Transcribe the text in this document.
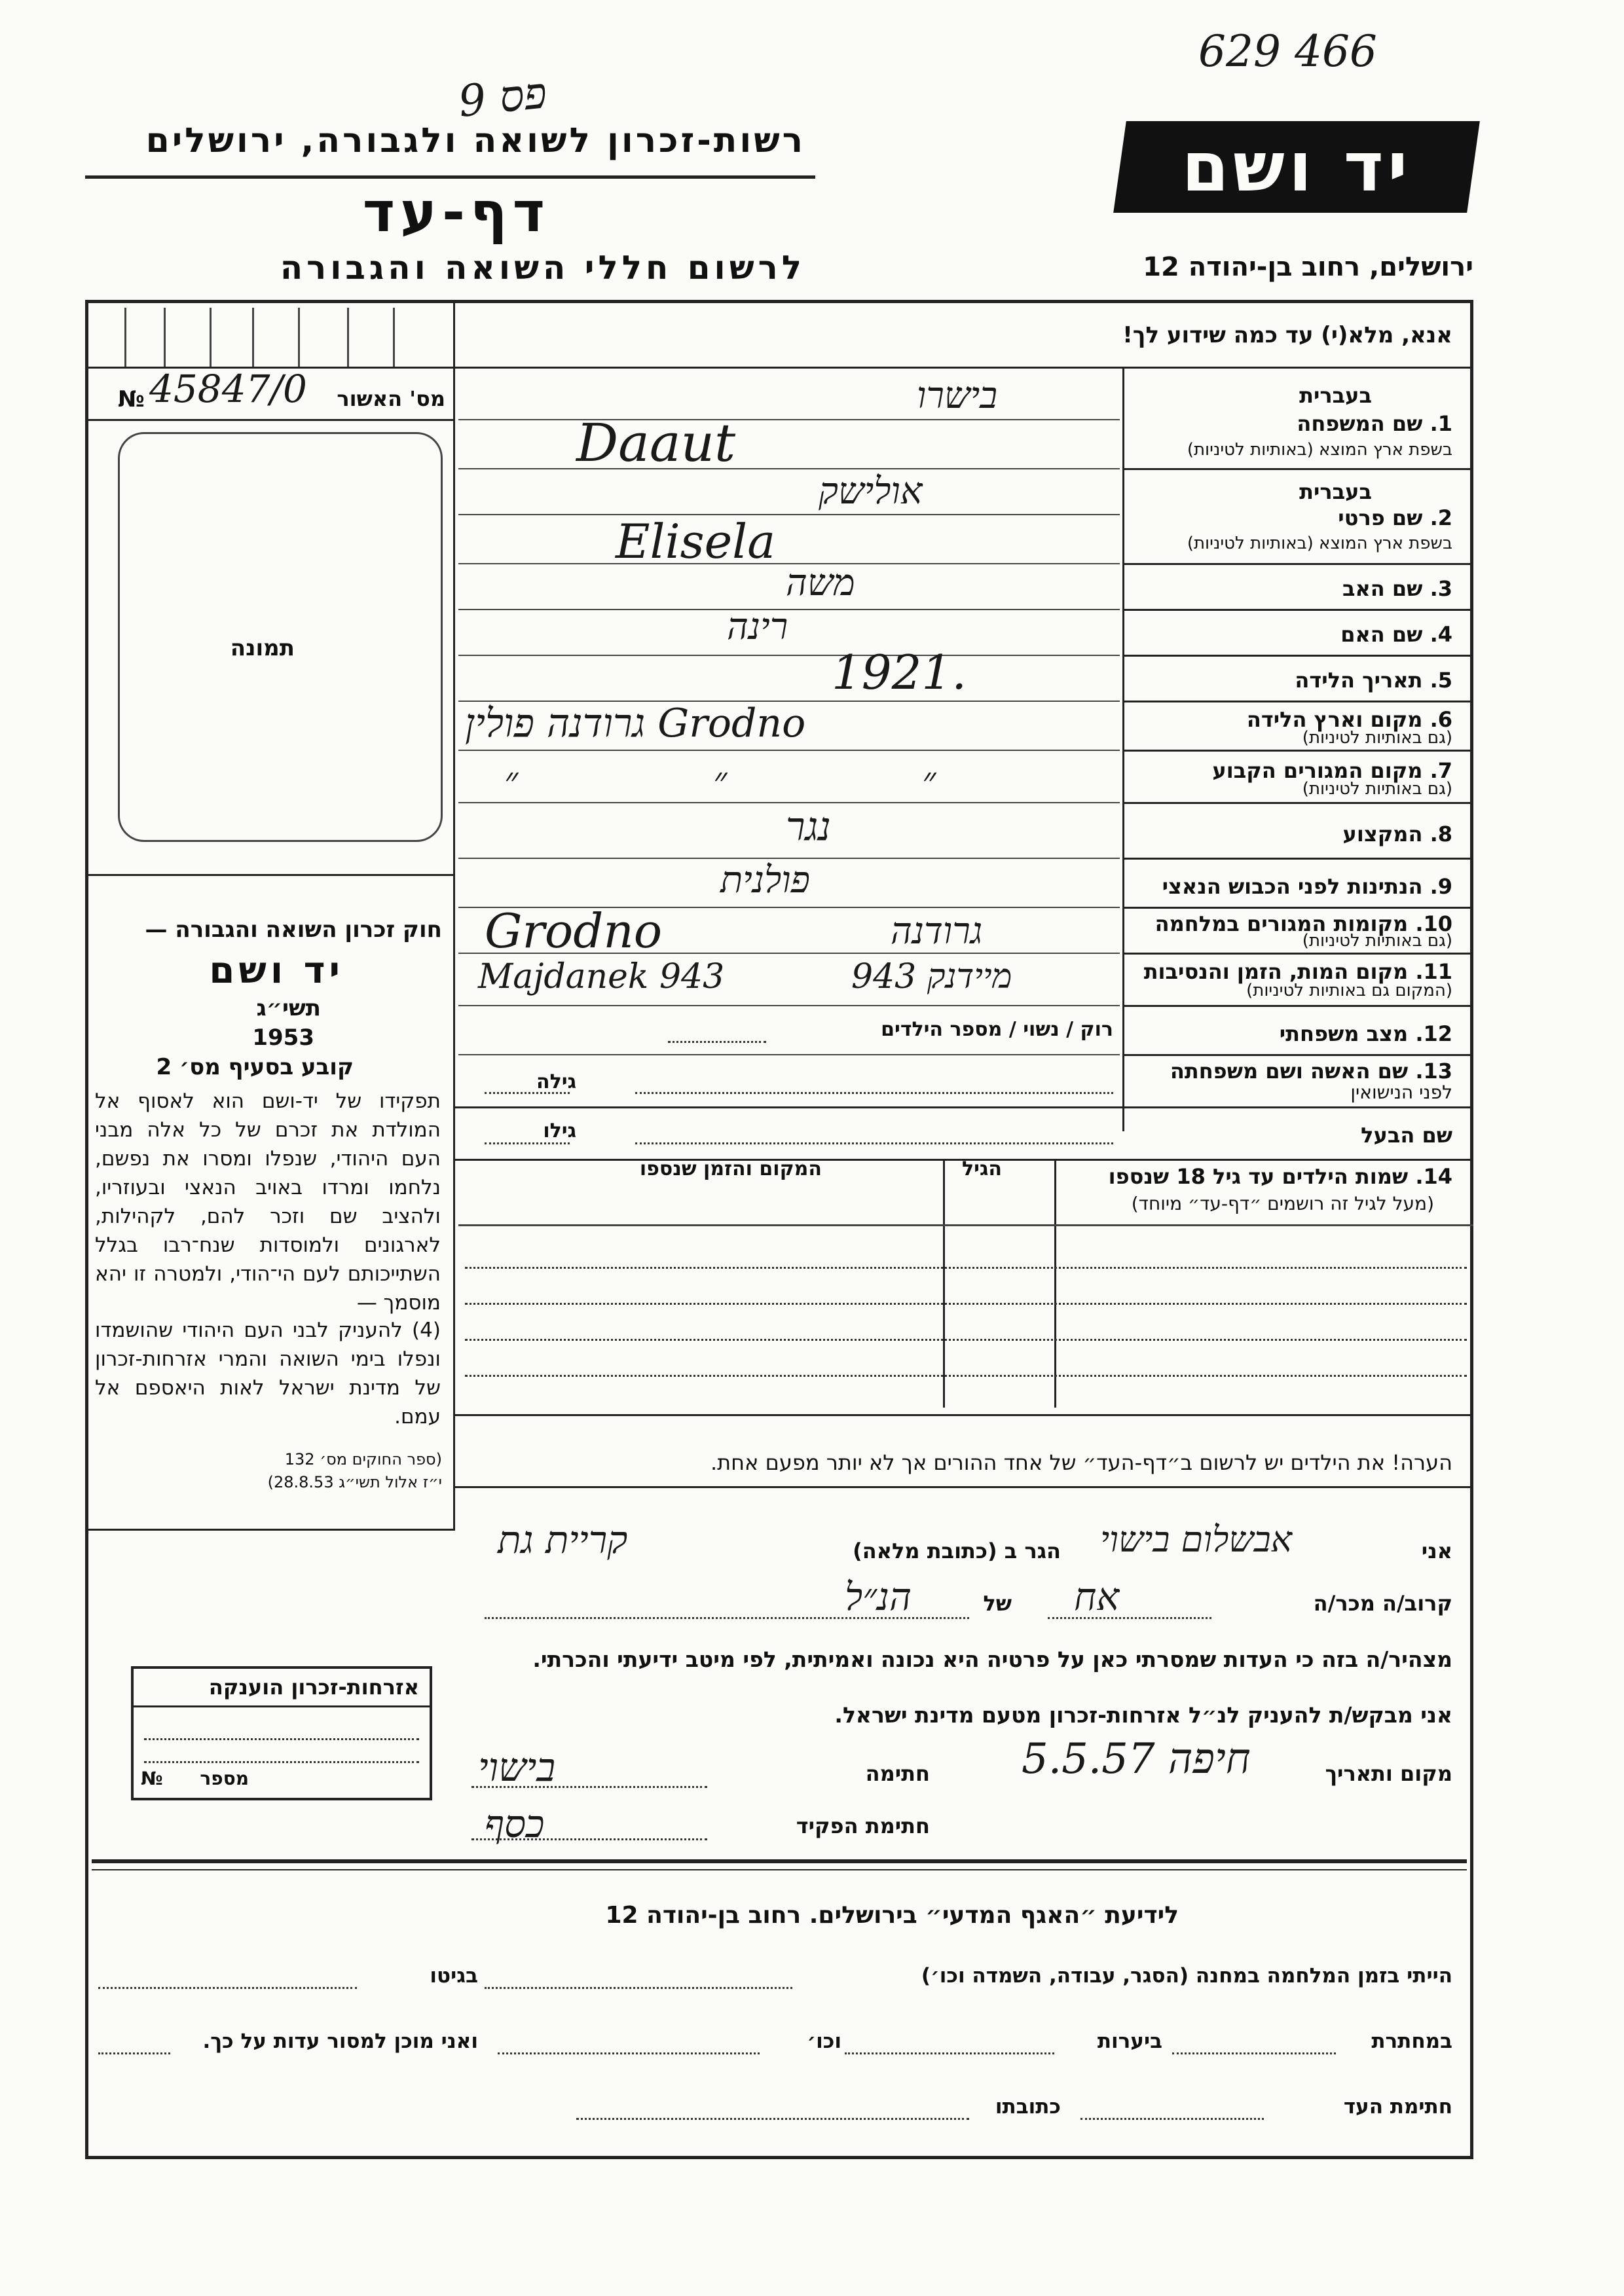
פס 9
629 466
רשות-זכרון לשואה ולגבורה, ירושלים
דף-עד
לרשום חללי השואה והגבורה
יד ושם
ירושלים, רחוב בן-יהודה 12
№ 45847/0 מס' האשור
תמונה
אנא, מלא(י) עד כמה שידוע לך!
בעברית
1. שם המשפחה
בשפת ארץ המוצא (באותיות לטיניות)
בישרו
Daaut
בעברית
2. שם פרטי
בשפת ארץ המוצא (באותיות לטיניות)
אולישק
Elisela
3. שם האב
משה
4. שם האם
רינה
5. תאריך הלידה
1921.
6. מקום וארץ הלידה
(גם באותיות לטיניות)
גרודנה פולין Grodno
7. מקום המגורים הקבוע
(גם באותיות לטיניות)
״ ״ ״
8. המקצוע
נגר
9. הנתינות לפני הכבוש הנאצי
פולנית
10. מקומות המגורים במלחמה
(גם באותיות לטיניות)
Grodno	גרודנה
11. מקום המות, הזמן והנסיבות
(המקום גם באותיות לטיניות)
Majdanek 943	מיידנק 943
12. מצב משפחתי
רוק / נשוי / מספר הילדים
13. שם האשה ושם משפחתה
לפני הנישואין
גילה
שם הבעל
גילו
14. שמות הילדים עד גיל 18 שנספו
(מעל לגיל זה רושמים ״דף-עד״ מיוחד)
הגיל
המקום והזמן שנספו
הערה! את הילדים יש לרשום ב״דף-העד״ של אחד ההורים אך לא יותר מפעם אחת.
חוק זכרון השואה והגבורה —
יד ושם
תשי״ג
1953
קובע בסעיף מס׳ 2
תפקידו של יד-ושם הוא לאסוף אל המולדת את זכרם של כל אלה מבני העם היהודי, שנפלו ומסרו את נפשם, נלחמו ומרדו באויב הנאצי ובעוזריו, ולהציב שם וזכר להם, לקהילות, לארגונים ולמוסדות שנח־רבו בגלל השתייכותם לעם הי־הודי, ולמטרה זו יהא מוסמך —
(4) להעניק לבני העם היהודי שהושמדו ונפלו בימי השואה והמרי אזרחות-זכרון של מדינת ישראל לאות היאספם אל עמם.
(ספר החוקים מס׳ 132
י״ז אלול תשי״ג 28.8.53)
אני
אבשלום בישוי
הגר ב (כתובת מלאה)
קריית גת
קרוב/ה מכר/ה
של אח
הנ״ל
מצהיר/ה בזה כי העדות שמסרתי כאן על פרטיה היא נכונה ואמיתית, לפי מיטב ידיעתי והכרתי.
אני מבקש/ת להעניק לנ״ל אזרחות-זכרון מטעם מדינת ישראל.
מקום ותאריך
חיפה 5.5.57
חתימה
בישוי
חתימת הפקיד
כסף
אזרחות-זכרון הוענקה
מספר
№
לידיעת ״האגף המדעי״ בירושלים. רחוב בן-יהודה 12
הייתי בזמן המלחמה במחנה (הסגר, עבודה, השמדה וכו׳)
בגיטו
במחתרת
ביערות
וכו׳
ואני מוכן למסור עדות על כך.
חתימת העד
כתובתו
